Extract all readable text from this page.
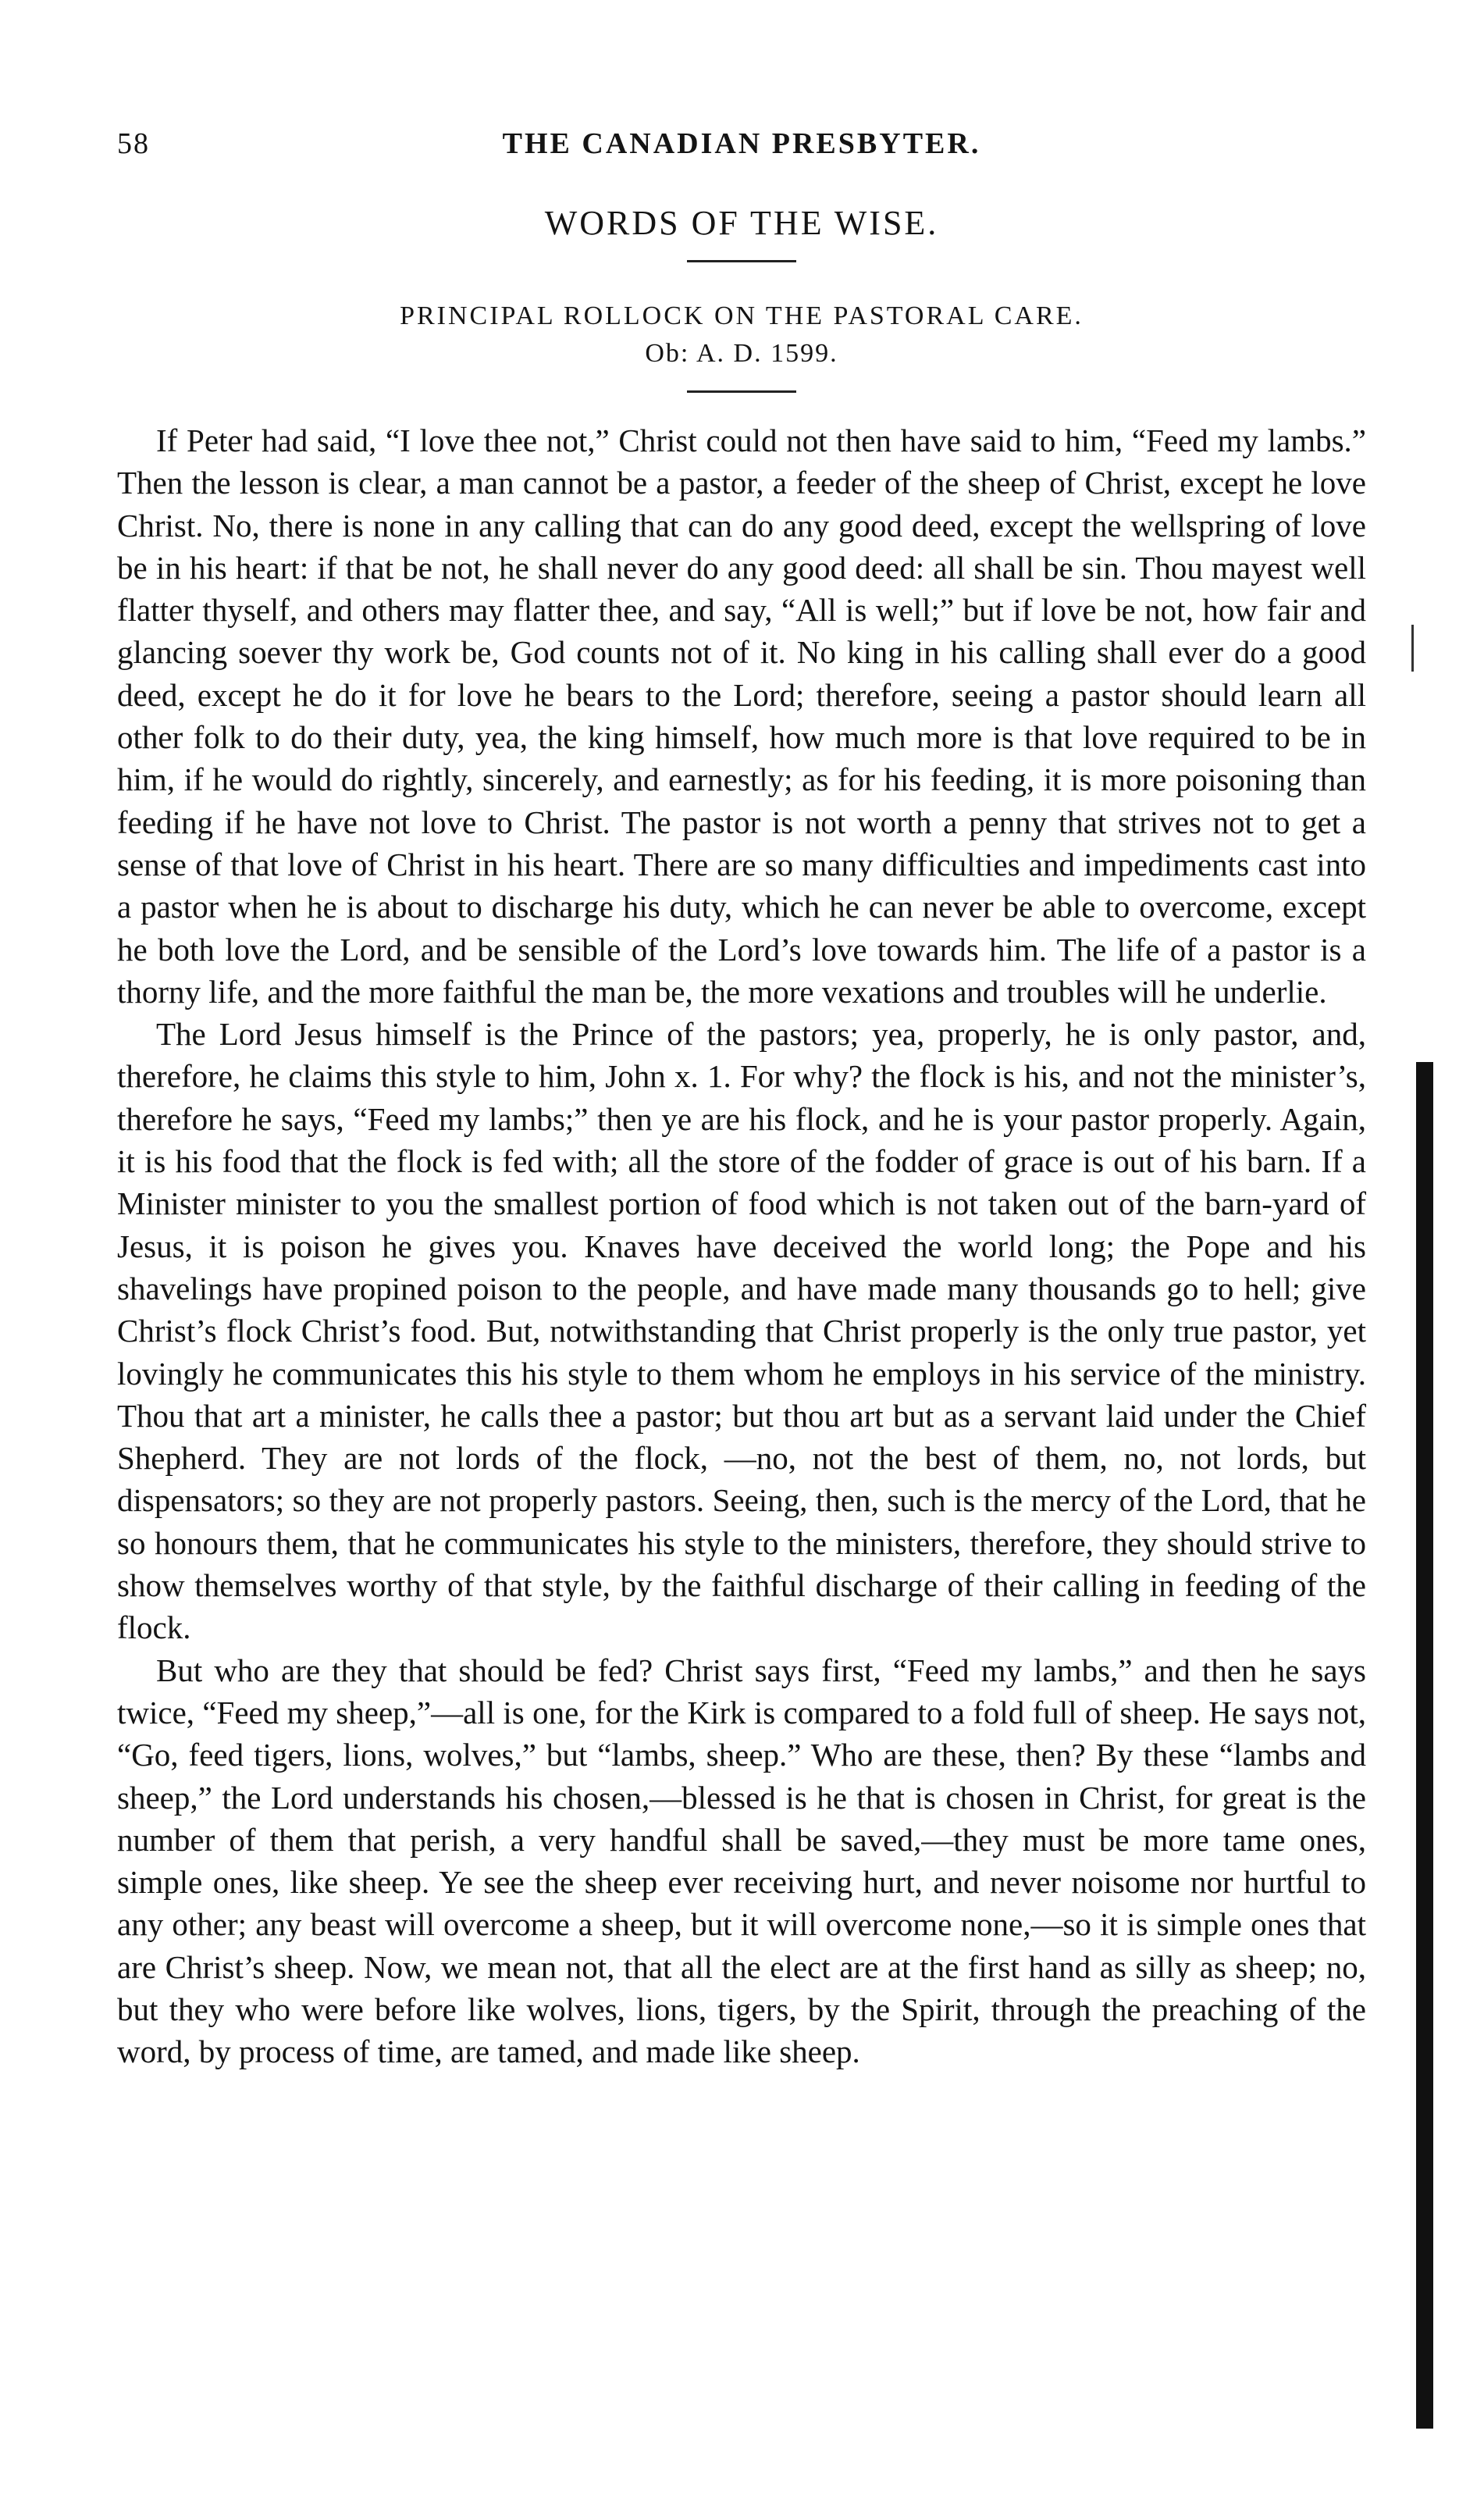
58	THE CANADIAN PRESBYTER.
WORDS OF THE WISE.
PRINCIPAL ROLLOCK ON THE PASTORAL CARE.
Ob: A. D. 1599.

If Peter had said, “I love thee not,” Christ could not then have said to him, “Feed my lambs.” Then the lesson is clear, a man cannot be a pastor, a feeder of the sheep of Christ, except he love Christ. No, there is none in any calling that can do any good deed, except the wellspring of love be in his heart: if that be not, he shall never do any good deed: all shall be sin. Thou mayest well flatter thyself, and others may flatter thee, and say, “All is well;” but if love be not, how fair and glancing soever thy work be, God counts not of it. No king in his calling shall ever do a good deed, except he do it for love he bears to the Lord; therefore, seeing a pastor should learn all other folk to do their duty, yea, the king himself, how much more is that love required to be in him, if he would do rightly, sincerely, and earnestly; as for his feeding, it is more poisoning than feeding if he have not love to Christ. The pastor is not worth a penny that strives not to get a sense of that love of Christ in his heart. There are so many difficulties and impediments cast into a pastor when he is about to discharge his duty, which he can never be able to overcome, except he both love the Lord, and be sensible of the Lord’s love towards him. The life of a pastor is a thorny life, and the more faithful the man be, the more vexations and troubles will he underlie.

The Lord Jesus himself is the Prince of the pastors; yea, properly, he is only pastor, and, therefore, he claims this style to him, John x. 1. For why? the flock is his, and not the minister’s, therefore he says, “Feed my lambs;” then ye are his flock, and he is your pastor properly. Again, it is his food that the flock is fed with; all the store of the fodder of grace is out of his barn. If a Minister minister to you the smallest portion of food which is not taken out of the barn-yard of Jesus, it is poison he gives you. Knaves have deceived the world long; the Pope and his shavelings have propined poison to the people, and have made many thousands go to hell; give Christ’s flock Christ’s food. But, notwithstanding that Christ properly is the only true pastor, yet lovingly he communicates this his style to them whom he employs in his service of the ministry. Thou that art a minister, he calls thee a pastor; but thou art but as a servant laid under the Chief Shepherd. They are not lords of the flock, —no, not the best of them, no, not lords, but dispensators; so they are not properly pastors. Seeing, then, such is the mercy of the Lord, that he so honours them, that he communicates his style to the ministers, therefore, they should strive to show themselves worthy of that style, by the faithful discharge of their calling in feeding of the flock.

But who are they that should be fed? Christ says first, “Feed my lambs,” and then he says twice, “Feed my sheep,”—all is one, for the Kirk is compared to a fold full of sheep. He says not, “Go, feed tigers, lions, wolves,” but “lambs, sheep.” Who are these, then? By these “lambs and sheep,” the Lord understands his chosen,—blessed is he that is chosen in Christ, for great is the number of them that perish, a very handful shall be saved,—they must be more tame ones, simple ones, like sheep. Ye see the sheep ever receiving hurt, and never noisome nor hurtful to any other; any beast will overcome a sheep, but it will overcome none,—so it is simple ones that are Christ’s sheep. Now, we mean not, that all the elect are at the first hand as silly as sheep; no, but they who were before like wolves, lions, tigers, by the Spirit, through the preaching of the word, by process of time, are tamed, and made like sheep.
